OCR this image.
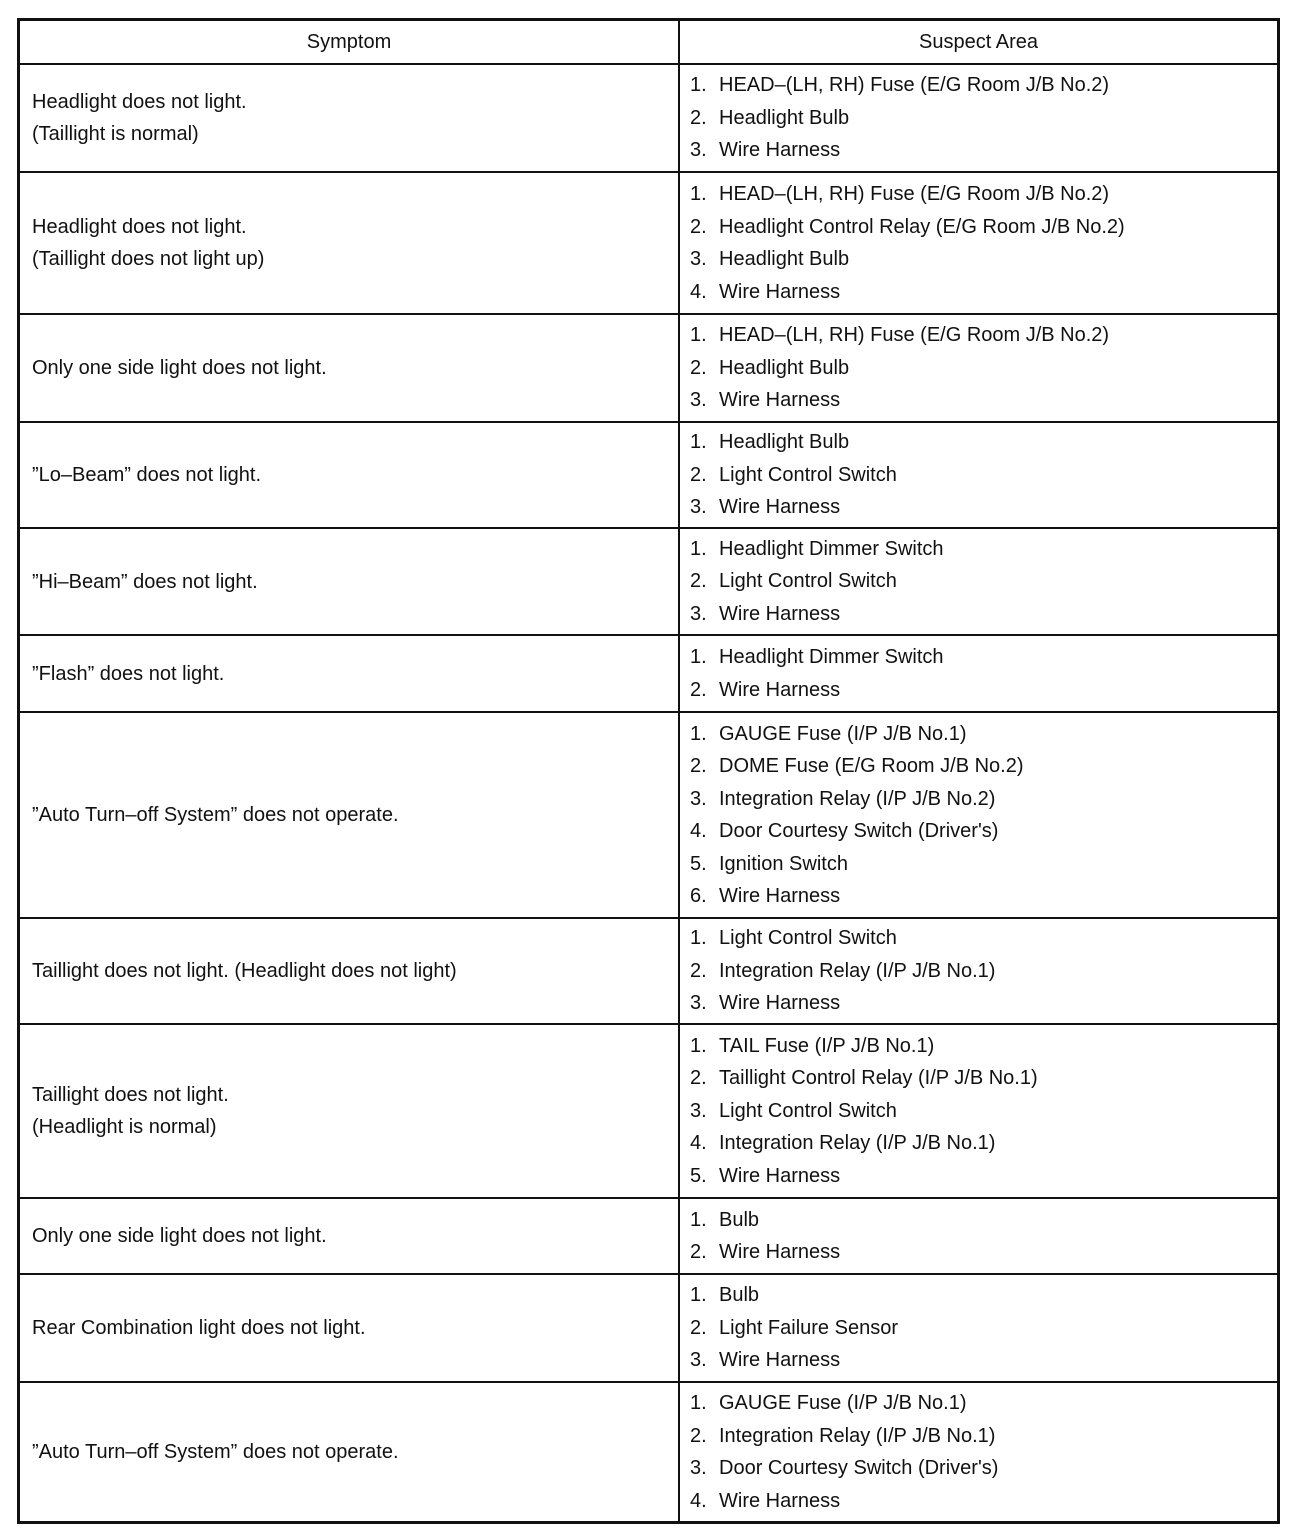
Symptom	Suspect Area
Headlight does not light.
(Taillight is normal)
1. HEAD–(LH, RH) Fuse (E/G Room J/B No.2)
2. Headlight Bulb
3. Wire Harness
Headlight does not light.
(Taillight does not light up)
1. HEAD–(LH, RH) Fuse (E/G Room J/B No.2)
2. Headlight Control Relay (E/G Room J/B No.2)
3. Headlight Bulb
4. Wire Harness
Only one side light does not light.
1. HEAD–(LH, RH) Fuse (E/G Room J/B No.2)
2. Headlight Bulb
3. Wire Harness
”Lo–Beam” does not light.
1. Headlight Bulb
2. Light Control Switch
3. Wire Harness
”Hi–Beam” does not light.
1. Headlight Dimmer Switch
2. Light Control Switch
3. Wire Harness
”Flash” does not light.
1. Headlight Dimmer Switch
2. Wire Harness
”Auto Turn–off System” does not operate.
1. GAUGE Fuse (I/P J/B No.1)
2. DOME Fuse (E/G Room J/B No.2)
3. Integration Relay (I/P J/B No.2)
4. Door Courtesy Switch (Driver's)
5. Ignition Switch
6. Wire Harness
Taillight does not light. (Headlight does not light)
1. Light Control Switch
2. Integration Relay (I/P J/B No.1)
3. Wire Harness
Taillight does not light.
(Headlight is normal)
1. TAIL Fuse (I/P J/B No.1)
2. Taillight Control Relay (I/P J/B No.1)
3. Light Control Switch
4. Integration Relay (I/P J/B No.1)
5. Wire Harness
Only one side light does not light.
1. Bulb
2. Wire Harness
Rear Combination light does not light.
1. Bulb
2. Light Failure Sensor
3. Wire Harness
”Auto Turn–off System” does not operate.
1. GAUGE Fuse (I/P J/B No.1)
2. Integration Relay (I/P J/B No.1)
3. Door Courtesy Switch (Driver's)
4. Wire Harness
